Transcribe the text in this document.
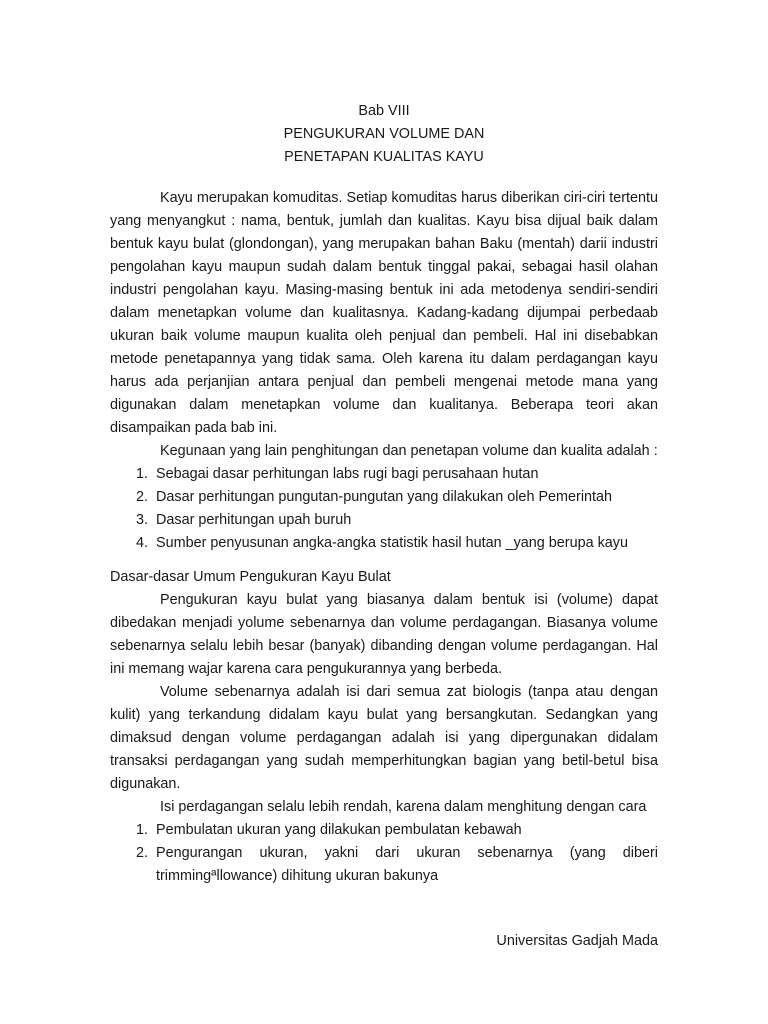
Bab VIII
PENGUKURAN VOLUME DAN
PENETAPAN KUALITAS KAYU

Kayu merupakan komuditas. Setiap komuditas harus diberikan ciri-ciri tertentu yang menyangkut : nama, bentuk, jumlah dan kualitas. Kayu bisa dijual baik dalam bentuk kayu bulat (glondongan), yang merupakan bahan Baku (mentah) darii industri pengolahan kayu maupun sudah dalam bentuk tinggal pakai, sebagai hasil olahan industri pengolahan kayu. Masing-masing bentuk ini ada metodenya sendiri-sendiri dalam menetapkan volume dan kualitasnya. Kadang-kadang dijumpai perbedaab ukuran baik volume maupun kualita oleh penjual dan pembeli. Hal ini disebabkan metode penetapannya yang tidak sama. Oleh karena itu dalam perdagangan kayu harus ada perjanjian antara penjual dan pembeli mengenai metode mana yang digunakan dalam menetapkan volume dan kualitanya. Beberapa teori akan disampaikan pada bab ini.

Kegunaan yang lain penghitungan dan penetapan volume dan kualita adalah :

1. Sebagai dasar perhitungan labs rugi bagi perusahaan hutan
2. Dasar perhitungan pungutan-pungutan yang dilakukan oleh Pemerintah
3. Dasar perhitungan upah buruh
4. Sumber penyusunan angka-angka statistik hasil hutan _yang berupa kayu
Dasar-dasar Umum Pengukuran Kayu Bulat

Pengukuran kayu bulat yang biasanya dalam bentuk isi (volume) dapat dibedakan menjadi yolume sebenarnya dan volume perdagangan. Biasanya volume sebenarnya selalu lebih besar (banyak) dibanding dengan volume perdagangan. Hal ini memang wajar karena cara pengukurannya yang berbeda.

Volume sebenarnya adalah isi dari semua zat biologis (tanpa atau dengan kulit) yang terkandung didalam kayu bulat yang bersangkutan. Sedangkan yang dimaksud dengan volume perdagangan adalah isi yang dipergunakan didalam transaksi perdagangan yang sudah memperhitungkan bagian yang betil-betul bisa digunakan.

Isi perdagangan selalu lebih rendah, karena dalam menghitung dengan cara

1. Pembulatan ukuran yang dilakukan pembulatan kebawah
2. Pengurangan ukuran, yakni dari ukuran sebenarnya (yang diberi trimmingªllowance) dihitung ukuran bakunya
Universitas Gadjah Mada
